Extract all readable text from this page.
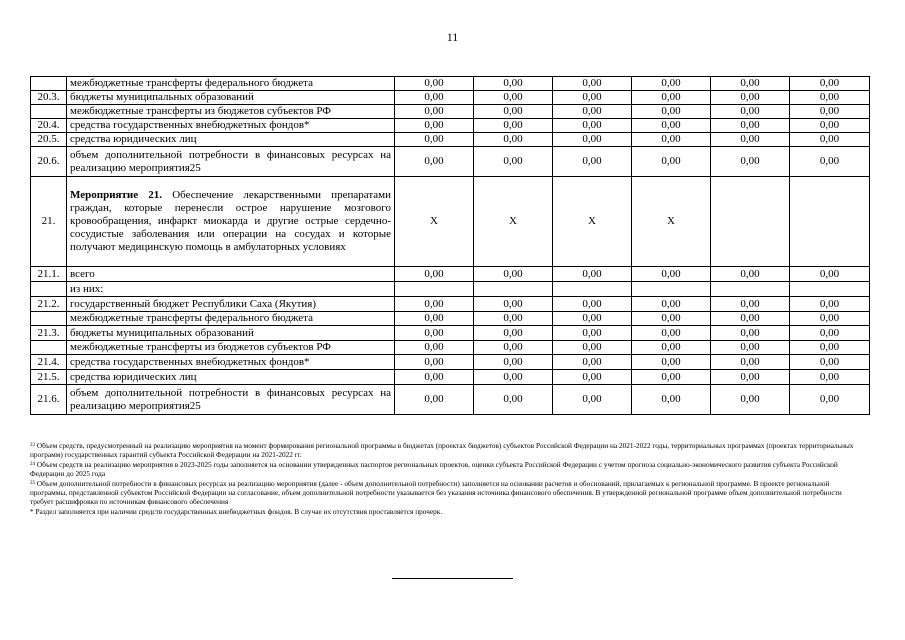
11
	межбюджетные трансферты федерального бюджета	0,00	0,00	0,00	0,00	0,00	0,00
20.3.	бюджеты муниципальных образований	0,00	0,00	0,00	0,00	0,00	0,00
	межбюджетные трансферты из бюджетов субъектов РФ	0,00	0,00	0,00	0,00	0,00	0,00
20.4.	средства государственных внебюджетных фондов*	0,00	0,00	0,00	0,00	0,00	0,00
20.5.	средства юридических лиц	0,00	0,00	0,00	0,00	0,00	0,00
20.6.	объем дополнительной потребности в финансовых ресурсах на реализацию мероприятия25	0,00	0,00	0,00	0,00	0,00	0,00
21.	Мероприятие 21. Обеспечение лекарственными препаратами граждан, которые перенесли острое нарушение мозгового кровообращения, инфаркт миокарда и другие острые сердечно-сосудистые заболевания или операции на сосудах и которые получают медицинскую помощь в амбулаторных условиях	Х	Х	Х	Х		
21.1.	всего	0,00	0,00	0,00	0,00	0,00	0,00
	из них:						
21.2.	государственный бюджет Республики Саха (Якутия)	0,00	0,00	0,00	0,00	0,00	0,00
	межбюджетные трансферты федерального бюджета	0,00	0,00	0,00	0,00	0,00	0,00
21.3.	бюджеты муниципальных образований	0,00	0,00	0,00	0,00	0,00	0,00
	межбюджетные трансферты из бюджетов субъектов РФ	0,00	0,00	0,00	0,00	0,00	0,00
21.4.	средства государственных внебюджетных фондов*	0,00	0,00	0,00	0,00	0,00	0,00
21.5.	средства юридических лиц	0,00	0,00	0,00	0,00	0,00	0,00
21.6.	объем дополнительной потребности в финансовых ресурсах на реализацию мероприятия25	0,00	0,00	0,00	0,00	0,00	0,00

$^{23}$ Объем средств, предусмотренный на реализацию мероприятия на момент формирования региональной программы в бюджетах (проектах бюджетов) субъектов Российской Федерации на 2021-2022 годы, территориальных программах (проектах территориальных программ) государственных гарантий субъекта Российской Федерации на 2021-2022 гг.

$^{24}$ Объем средств на реализацию мероприятия в 2023-2025 годы заполняется на основании утвержденных паспортов региональных проектов, оценки субъекта Российской Федерации с учетом прогноза социально-экономического развития субъекта Российской Федерации до 2025 года

$^{25}$ Объем дополнительной потребности в финансовых ресурсах на реализацию мероприятия (далее - объем дополнительной потребности) заполняется на основании расчетов и обоснований, прилагаемых к региональной программе. В проекте региональной программы, представленной субъектом Российской Федерации на согласование, объем дополнительной потребности указывается без указания источника финансового обеспечения. В утвержденной региональной программе объем дополнительной потребности требует расшифровки по источникам финансового обеспечения

* Раздел заполняется при наличии средств государственных внебюджетных фондов. В случае их отсутствия проставляется прочерк.
